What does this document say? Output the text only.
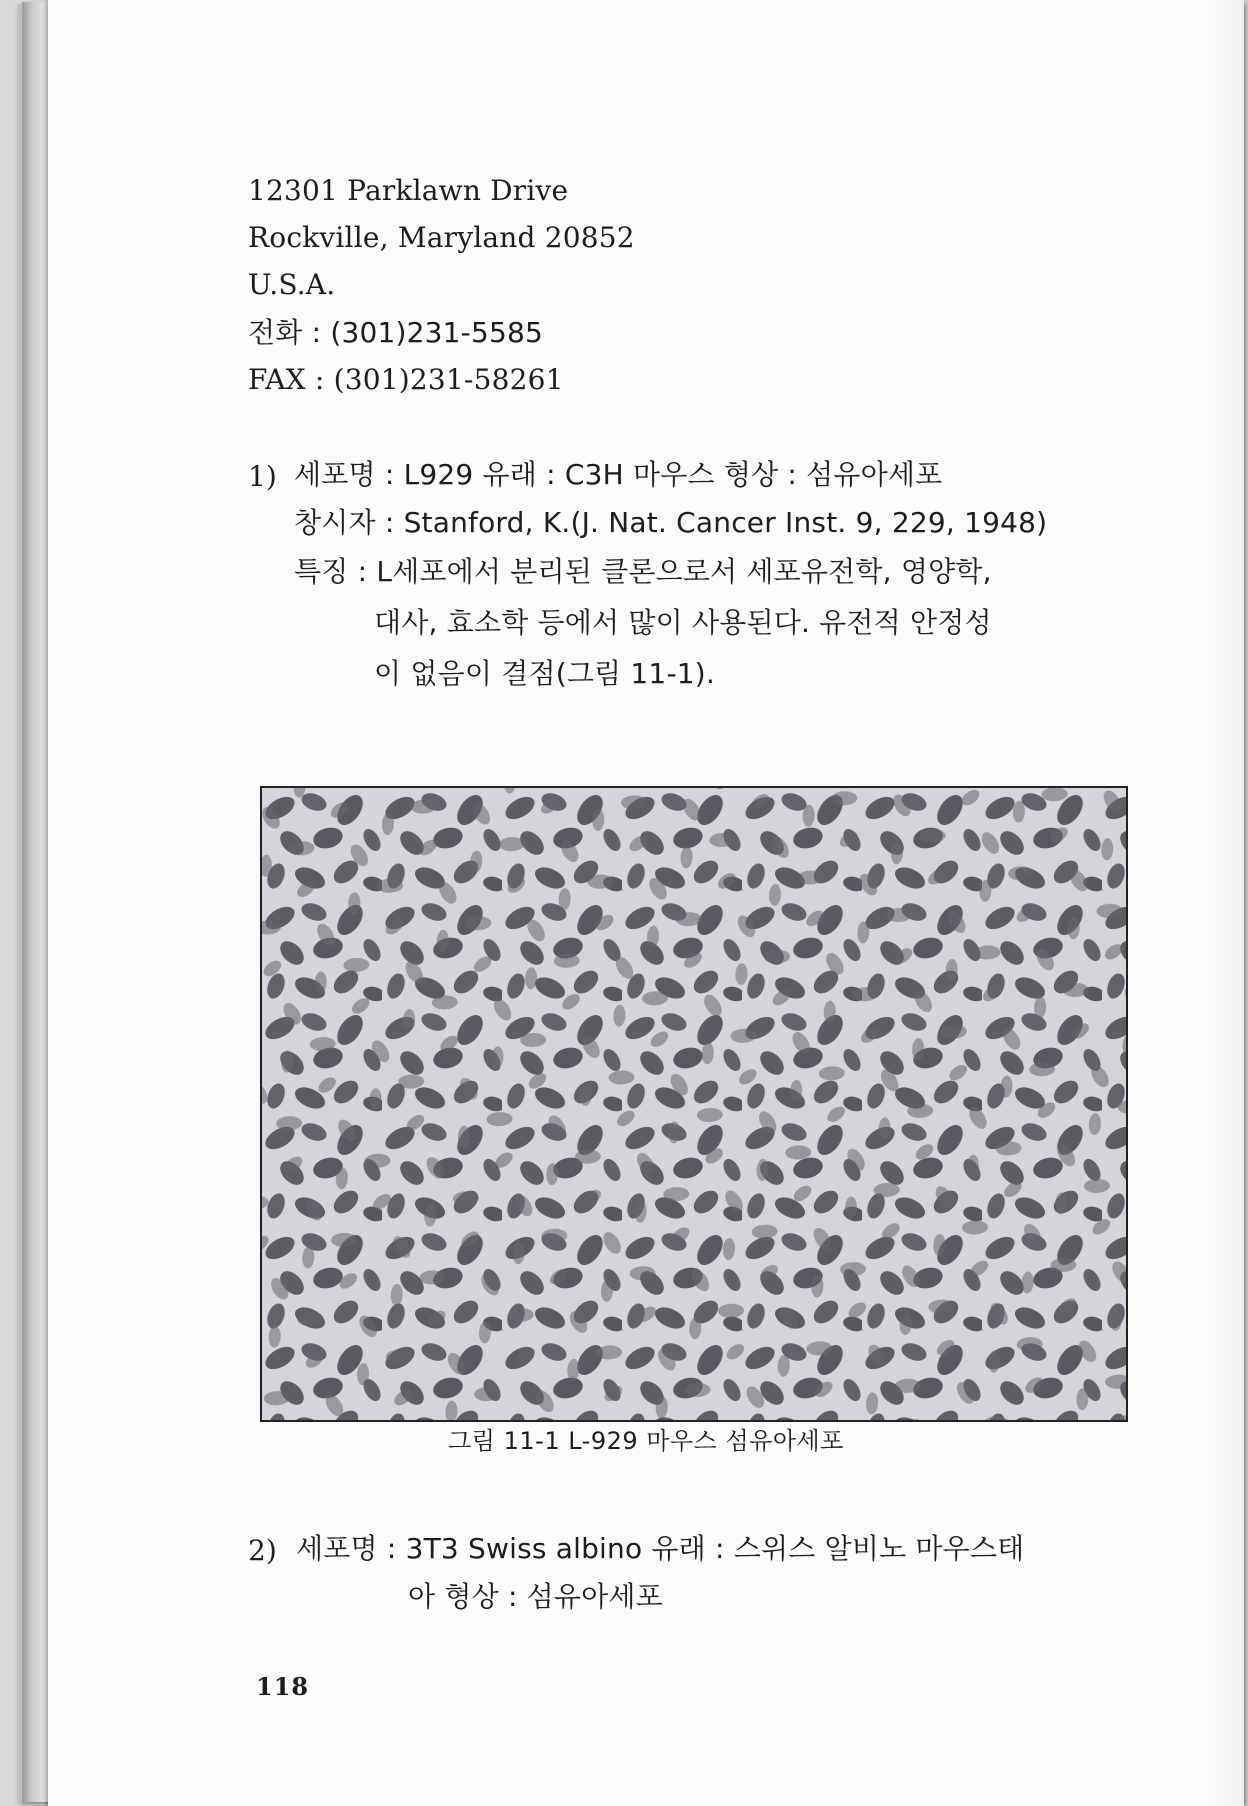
12301 Parklawn Drive
Rockville, Maryland 20852
U.S.A.
전화 : (301)231-5585
FAX : (301)231-58261
1) 세포명 : L929 유래 : C3H 마우스 형상 : 섬유아세포
창시자 : Stanford, K.(J. Nat. Cancer Inst. 9, 229, 1948)
특징 : L세포에서 분리된 클론으로서 세포유전학, 영양학,
대사, 효소학 등에서 많이 사용된다. 유전적 안정성
이 없음이 결점(그림 11-1).
그림 11-1 L-929 마우스 섬유아세포
2) 세포명 : 3T3 Swiss albino 유래 : 스위스 알비노 마우스태
아 형상 : 섬유아세포
118
